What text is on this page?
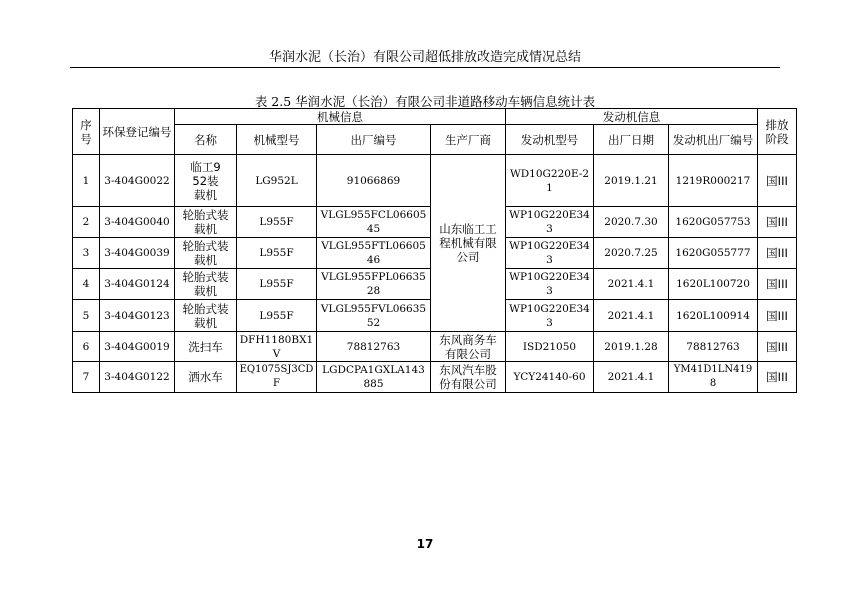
华润水泥（长治）有限公司超低排放改造完成情况总结
表 2.5 华润水泥（长治）有限公司非道路移动车辆信息统计表
序号	环保登记编号	机械信息				发动机信息			排放阶段
		名称	机械型号	出厂编号	生产厂商	发动机型号	出厂日期	发动机出厂编号	
1	3-404G0022	临工952装载机	LG952L	91066869	山东临工工程机械有限公司	WD10G220E-21	2019.1.21	1219R000217	国III
2	3-404G0040	轮胎式装载机	L955F	VLGL955FCL0660545		WP10G220E343	2020.7.30	1620G057753	国III
3	3-404G0039	轮胎式装载机	L955F	VLGL955FTL0660546		WP10G220E343	2020.7.25	1620G055777	国III
4	3-404G0124	轮胎式装载机	L955F	VLGL955FPL0663528		WP10G220E343	2021.4.1	1620L100720	国III
5	3-404G0123	轮胎式装载机	L955F	VLGL955FVL0663552		WP10G220E343	2021.4.1	1620L100914	国III
6	3-404G0019	洗扫车	DFH1180BX1V	78812763	东风商务车有限公司	ISD21050	2019.1.28	78812763	国III
7	3-404G0122	洒水车	EQ1075SJ3CDF	LGDCPA1GXLA143885	东风汽车股份有限公司	YCY24140-60	2021.4.1	YM41D1LN4198	国III
17
